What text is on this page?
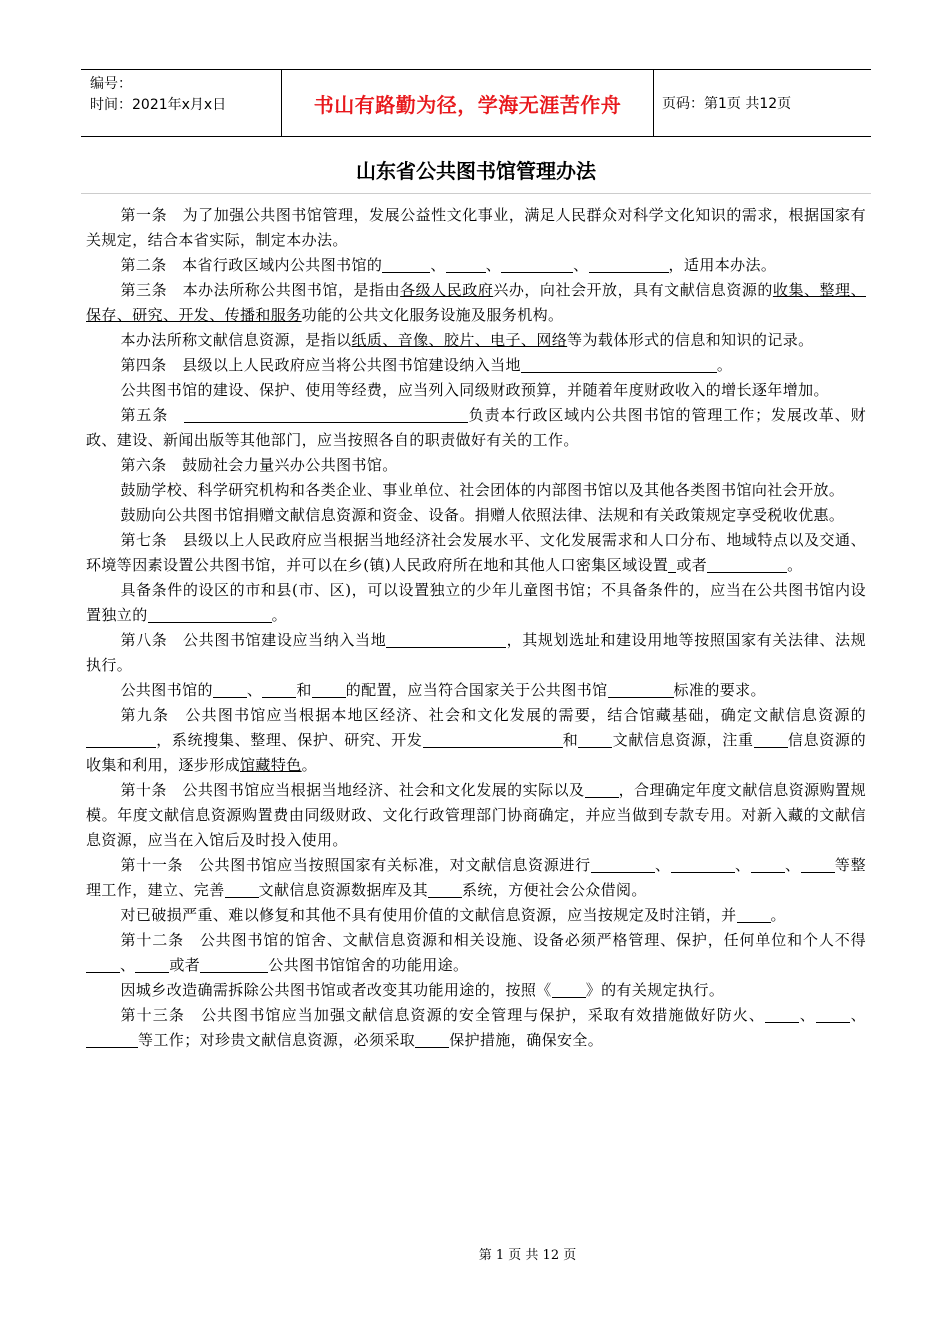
编号：
时间：2021年x月x日	书山有路勤为径，学海无涯苦作舟	页码：第1页 共12页
山东省公共图书馆管理办法

第一条　为了加强公共图书馆管理，发展公益性文化事业，满足人民群众对科学文化知识的需求，根据国家有关规定，结合本省实际，制定本办法。

第二条　本省行政区域内公共图书馆的	、	、	、	，适用本办法。

第三条　本办法所称公共图书馆，是指由各级人民政府兴办，向社会开放，具有文献信息资源的收集、整理、保存、研究、开发、传播和服务功能的公共文化服务设施及服务机构。

本办法所称文献信息资源，是指以纸质、音像、胶片、电子、网络等为载体形式的信息和知识的记录。

第四条　县级以上人民政府应当将公共图书馆建设纳入当地	。

公共图书馆的建设、保护、使用等经费，应当列入同级财政预算，并随着年度财政收入的增长逐年增加。

第五条　	负责本行政区域内公共图书馆的管理工作；发展改革、财政、建设、新闻出版等其他部门，应当按照各自的职责做好有关的工作。

第六条　鼓励社会力量兴办公共图书馆。

鼓励学校、科学研究机构和各类企业、事业单位、社会团体的内部图书馆以及其他各类图书馆向社会开放。

鼓励向公共图书馆捐赠文献信息资源和资金、设备。捐赠人依照法律、法规和有关政策规定享受税收优惠。

第七条　县级以上人民政府应当根据当地经济社会发展水平、文化发展需求和人口分布、地域特点以及交通、环境等因素设置公共图书馆，并可以在乡(镇)人民政府所在地和其他人口密集区域设置 或者	。

具备条件的设区的市和县(市、区)，可以设置独立的少年儿童图书馆；不具备条件的，应当在公共图书馆内设置独立的	。

第八条　公共图书馆建设应当纳入当地	，其规划选址和建设用地等按照国家有关法律、法规执行。

公共图书馆的 、 和 的配置，应当符合国家关于公共图书馆	标准的要求。

第九条　公共图书馆应当根据本地区经济、社会和文化发展的需要，结合馆藏基础，确定文献信息资源的，系统搜集、整理、保护、研究、开发	和 文献信息资源，注重 信息资源的收集和利用，逐步形成馆藏特色。

第十条　公共图书馆应当根据当地经济、社会和文化发展的实际以及 ，合理确定年度文献信息资源购置规模。年度文献信息资源购置费由同级财政、文化行政管理部门协商确定，并应当做到专款专用。对新入藏的文献信息资源，应当在入馆后及时投入使用。

第十一条　公共图书馆应当按照国家有关标准，对文献信息资源进行	、	、 、 等整理工作，建立、完善 文献信息资源数据库及其 系统，方便社会公众借阅。

对已破损严重、难以修复和其他不具有使用价值的文献信息资源，应当按规定及时注销，并 。

第十二条　公共图书馆的馆舍、文献信息资源和相关设施、设备必须严格管理、保护，任何单位和个人不得、 或者	公共图书馆馆舍的功能用途。

因城乡改造确需拆除公共图书馆或者改变其功能用途的，按照《 》的有关规定执行。

第十三条　公共图书馆应当加强文献信息资源的安全管理与保护，采取有效措施做好防火、 、 、等工作；对珍贵文献信息资源，必须采取 保护措施，确保安全。

第 1 页 共 12 页
